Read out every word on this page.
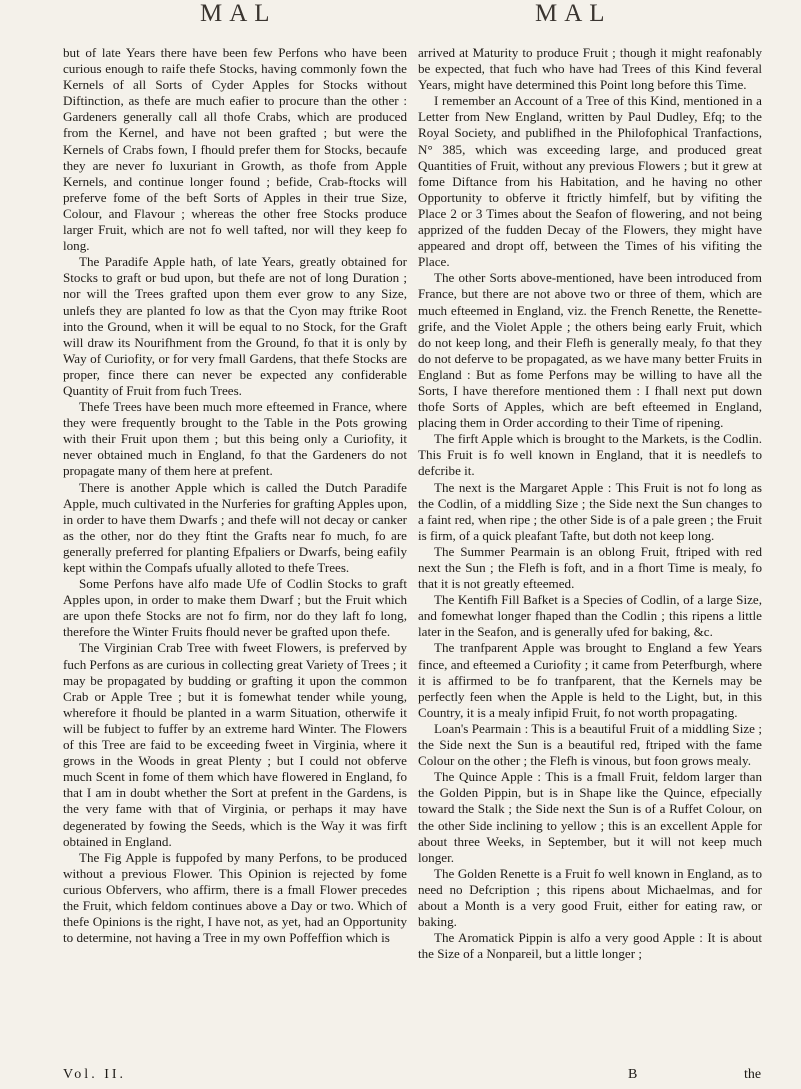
MAL	MAL

but of late Years there have been few Perfons who have been curious enough to raife thefe Stocks, having commonly fown the Kernels of all Sorts of Cyder Apples for Stocks without Diftinction, as thefe are much eafier to procure than the other : Gardeners generally call all thofe Crabs, which are produced from the Kernel, and have not been grafted ; but were the Kernels of Crabs fown, I fhould prefer them for Stocks, becaufe they are never fo luxuriant in Growth, as thofe from Apple Kernels, and continue longer found ; befide, Crab-ftocks will preferve fome of the beft Sorts of Apples in their true Size, Colour, and Flavour ; whereas the other free Stocks produce larger Fruit, which are not fo well tafted, nor will they keep fo long.

The Paradife Apple hath, of late Years, greatly obtained for Stocks to graft or bud upon, but thefe are not of long Duration ; nor will the Trees grafted upon them ever grow to any Size, unlefs they are planted fo low as that the Cyon may ftrike Root into the Ground, when it will be equal to no Stock, for the Graft will draw its Nourifhment from the Ground, fo that it is only by Way of Curiofity, or for very fmall Gardens, that thefe Stocks are proper, fince there can never be expected any confiderable Quantity of Fruit from fuch Trees.

Thefe Trees have been much more efteemed in France, where they were frequently brought to the Table in the Pots growing with their Fruit upon them ; but this being only a Curiofity, it never obtained much in England, fo that the Gardeners do not propagate many of them here at prefent.

There is another Apple which is called the Dutch Paradife Apple, much cultivated in the Nurferies for grafting Apples upon, in order to have them Dwarfs ; and thefe will not decay or canker as the other, nor do they ftint the Grafts near fo much, fo are generally preferred for planting Efpaliers or Dwarfs, being eafily kept within the Compafs ufually alloted to thefe Trees.

Some Perfons have alfo made Ufe of Codlin Stocks to graft Apples upon, in order to make them Dwarf ; but the Fruit which are upon thefe Stocks are not fo firm, nor do they laft fo long, therefore the Winter Fruits fhould never be grafted upon thefe.

The Virginian Crab Tree with fweet Flowers, is preferved by fuch Perfons as are curious in collecting great Variety of Trees ; it may be propagated by budding or grafting it upon the common Crab or Apple Tree ; but it is fomewhat tender while young, wherefore it fhould be planted in a warm Situation, otherwife it will be fubject to fuffer by an extreme hard Winter. The Flowers of this Tree are faid to be exceeding fweet in Virginia, where it grows in the Woods in great Plenty ; but I could not obferve much Scent in fome of them which have flowered in England, fo that I am in doubt whether the Sort at prefent in the Gardens, is the very fame with that of Virginia, or perhaps it may have degenerated by fowing the Seeds, which is the Way it was firft obtained in England.

The Fig Apple is fuppofed by many Perfons, to be produced without a previous Flower. This Opinion is rejected by fome curious Obfervers, who affirm, there is a fmall Flower precedes the Fruit, which feldom continues above a Day or two. Which of thefe Opinions is the right, I have not, as yet, had an Opportunity to determine, not having a Tree in my own Poffeffion which is

arrived at Maturity to produce Fruit ; though it might reafonably be expected, that fuch who have had Trees of this Kind feveral Years, might have determined this Point long before this Time.

I remember an Account of a Tree of this Kind, mentioned in a Letter from New England, written by Paul Dudley, Efq; to the Royal Society, and publifhed in the Philofophical Tranfactions, N° 385, which was exceeding large, and produced great Quantities of Fruit, without any previous Flowers ; but it grew at fome Diftance from his Habitation, and he having no other Opportunity to obferve it ftrictly himfelf, but by vifiting the Place 2 or 3 Times about the Seafon of flowering, and not being apprized of the fudden Decay of the Flowers, they might have appeared and dropt off, between the Times of his vifiting the Place.

The other Sorts above-mentioned, have been introduced from France, but there are not above two or three of them, which are much efteemed in England, viz. the French Renette, the Renette-grife, and the Violet Apple ; the others being early Fruit, which do not keep long, and their Flefh is generally mealy, fo that they do not deferve to be propagated, as we have many better Fruits in England : But as fome Perfons may be willing to have all the Sorts, I have therefore mentioned them : I fhall next put down thofe Sorts of Apples, which are beft efteemed in England, placing them in Order according to their Time of ripening.

The firft Apple which is brought to the Markets, is the Codlin. This Fruit is fo well known in England, that it is needlefs to defcribe it.

The next is the Margaret Apple : This Fruit is not fo long as the Codlin, of a middling Size ; the Side next the Sun changes to a faint red, when ripe ; the other Side is of a pale green ; the Fruit is firm, of a quick pleafant Tafte, but doth not keep long.

The Summer Pearmain is an oblong Fruit, ftriped with red next the Sun ; the Flefh is foft, and in a fhort Time is mealy, fo that it is not greatly efteemed.

The Kentifh Fill Bafket is a Species of Codlin, of a large Size, and fomewhat longer fhaped than the Codlin ; this ripens a little later in the Seafon, and is generally ufed for baking, &c.

The tranfparent Apple was brought to England a few Years fince, and efteemed a Curiofity ; it came from Peterfburgh, where it is affirmed to be fo tranfparent, that the Kernels may be perfectly feen when the Apple is held to the Light, but, in this Country, it is a mealy infipid Fruit, fo not worth propagating.

Loan's Pearmain : This is a beautiful Fruit of a middling Size ; the Side next the Sun is a beautiful red, ftriped with the fame Colour on the other ; the Flefh is vinous, but foon grows mealy.

The Quince Apple : This is a fmall Fruit, feldom larger than the Golden Pippin, but is in Shape like the Quince, efpecially toward the Stalk ; the Side next the Sun is of a Ruffet Colour, on the other Side inclining to yellow ; this is an excellent Apple for about three Weeks, in September, but it will not keep much longer.

The Golden Renette is a Fruit fo well known in England, as to need no Defcription ; this ripens about Michaelmas, and for about a Month is a very good Fruit, either for eating raw, or baking.

The Aromatick Pippin is alfo a very good Apple : It is about the Size of a Nonpareil, but a little longer ;

Vol. II.	B	the
